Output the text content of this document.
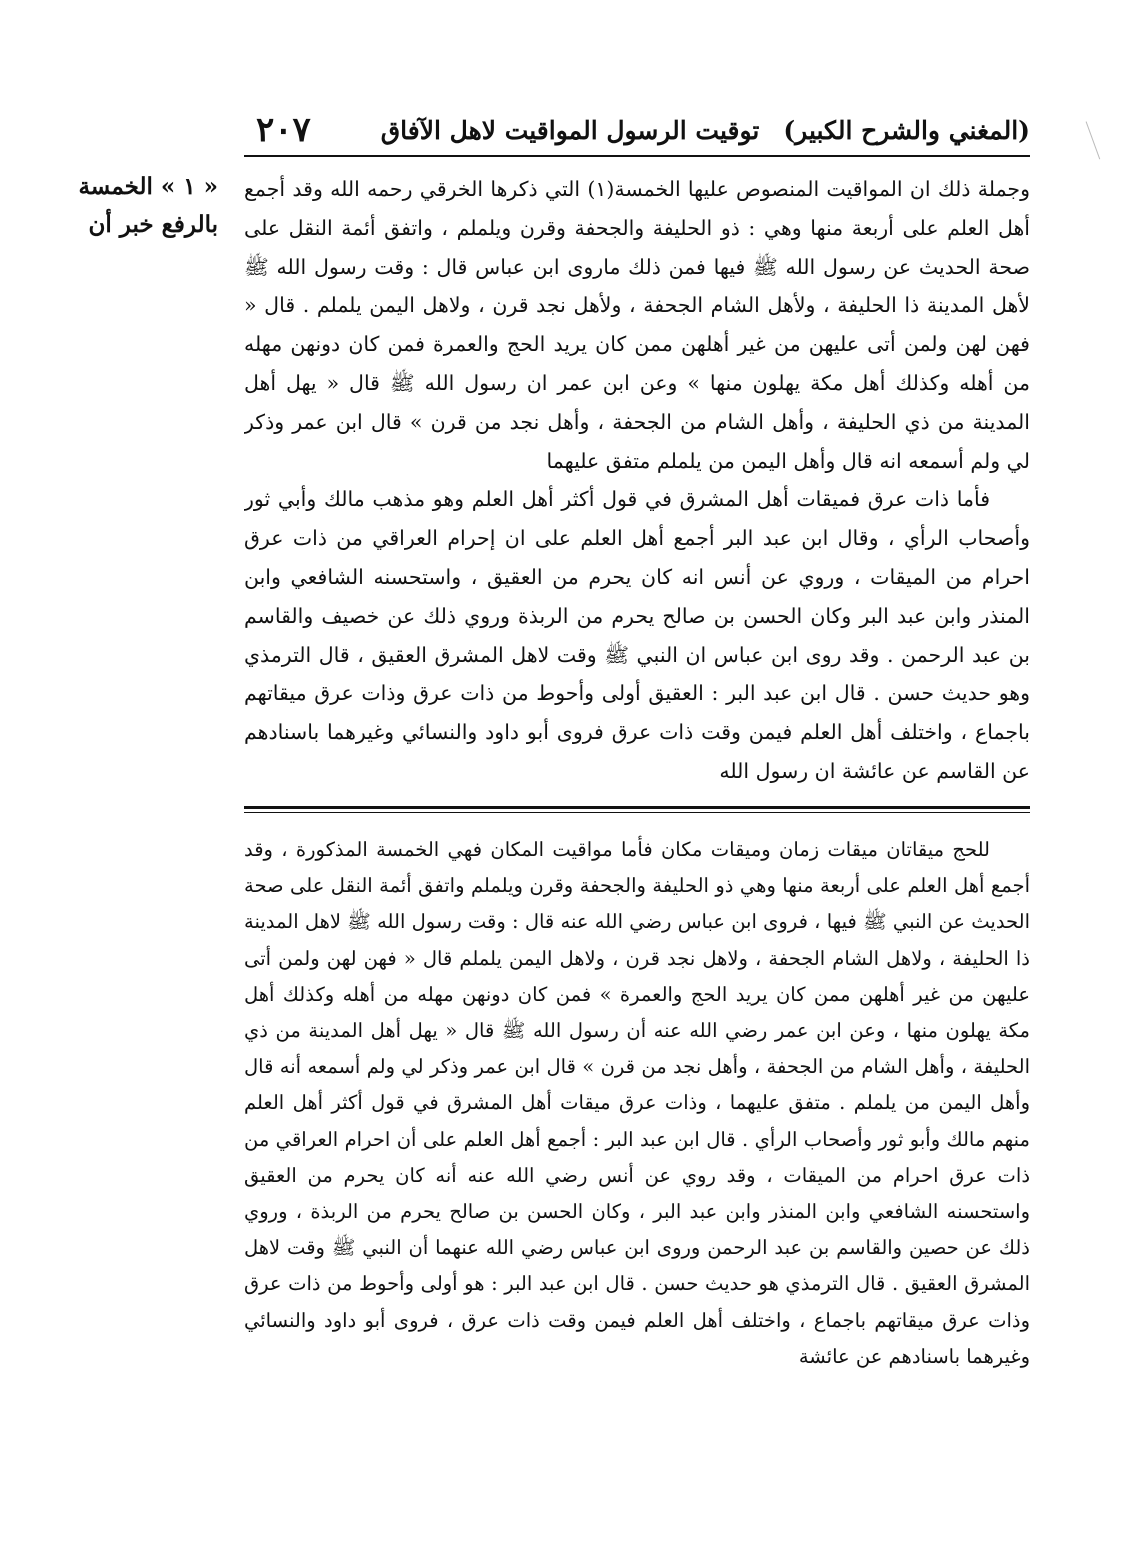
(المغني والشرح الكبير)
توقيت الرسول المواقيت لاهل الآفاق
٢٠٧
« ١ » الخمسة
بالرفع خبر أن

وجملة ذلك ان المواقيت المنصوص عليها الخمسة(١) التي ذكرها الخرقي رحمه الله وقد أجمع أهل العلم على أربعة منها وهي : ذو الحليفة والجحفة وقرن ويلملم ، واتفق أئمة النقل على صحة الحديث عن رسول الله ﷺ فيها فمن ذلك ماروى ابن عباس قال : وقت رسول الله ﷺ لأهل المدينة ذا الحليفة ، ولأهل الشام الجحفة ، ولأهل نجد قرن ، ولاهل اليمن يلملم . قال « فهن لهن ولمن أتى عليهن من غير أهلهن ممن كان يريد الحج والعمرة فمن كان دونهن مهله من أهله وكذلك أهل مكة يهلون منها » وعن ابن عمر ان رسول الله ﷺ قال « يهل أهل المدينة من ذي الحليفة ، وأهل الشام من الجحفة ، وأهل نجد من قرن » قال ابن عمر وذكر لي ولم أسمعه انه قال وأهل اليمن من يلملم متفق عليهما

فأما ذات عرق فميقات أهل المشرق في قول أكثر أهل العلم وهو مذهب مالك وأبي ثور وأصحاب الرأي ، وقال ابن عبد البر أجمع أهل العلم على ان إحرام العراقي من ذات عرق احرام من الميقات ، وروي عن أنس انه كان يحرم من العقيق ، واستحسنه الشافعي وابن المنذر وابن عبد البر وكان الحسن بن صالح يحرم من الربذة وروي ذلك عن خصيف والقاسم بن عبد الرحمن . وقد روى ابن عباس ان النبي ﷺ وقت لاهل المشرق العقيق ، قال الترمذي وهو حديث حسن . قال ابن عبد البر : العقيق أولى وأحوط من ذات عرق وذات عرق ميقاتهم باجماع ، واختلف أهل العلم فيمن وقت ذات عرق فروى أبو داود والنسائي وغيرهما باسنادهم عن القاسم عن عائشة ان رسول الله

للحج ميقاتان ميقات زمان وميقات مكان فأما مواقيت المكان فهي الخمسة المذكورة ، وقد أجمع أهل العلم على أربعة منها وهي ذو الحليفة والجحفة وقرن ويلملم واتفق أئمة النقل على صحة الحديث عن النبي ﷺ فيها ، فروى ابن عباس رضي الله عنه قال : وقت رسول الله ﷺ لاهل المدينة ذا الحليفة ، ولاهل الشام الجحفة ، ولاهل نجد قرن ، ولاهل اليمن يلملم قال « فهن لهن ولمن أتى عليهن من غير أهلهن ممن كان يريد الحج والعمرة » فمن كان دونهن مهله من أهله وكذلك أهل مكة يهلون منها ، وعن ابن عمر رضي الله عنه أن رسول الله ﷺ قال « يهل أهل المدينة من ذي الحليفة ، وأهل الشام من الجحفة ، وأهل نجد من قرن » قال ابن عمر وذكر لي ولم أسمعه أنه قال وأهل اليمن من يلملم . متفق عليهما ، وذات عرق ميقات أهل المشرق في قول أكثر أهل العلم منهم مالك وأبو ثور وأصحاب الرأي . قال ابن عبد البر : أجمع أهل العلم على أن احرام العراقي من ذات عرق احرام من الميقات ، وقد روي عن أنس رضي الله عنه أنه كان يحرم من العقيق واستحسنه الشافعي وابن المنذر وابن عبد البر ، وكان الحسن بن صالح يحرم من الربذة ، وروي ذلك عن حصين والقاسم بن عبد الرحمن وروى ابن عباس رضي الله عنهما أن النبي ﷺ وقت لاهل المشرق العقيق . قال الترمذي هو حديث حسن . قال ابن عبد البر : هو أولى وأحوط من ذات عرق وذات عرق ميقاتهم باجماع ، واختلف أهل العلم فيمن وقت ذات عرق ، فروى أبو داود والنسائي وغيرهما باسنادهم عن عائشة
